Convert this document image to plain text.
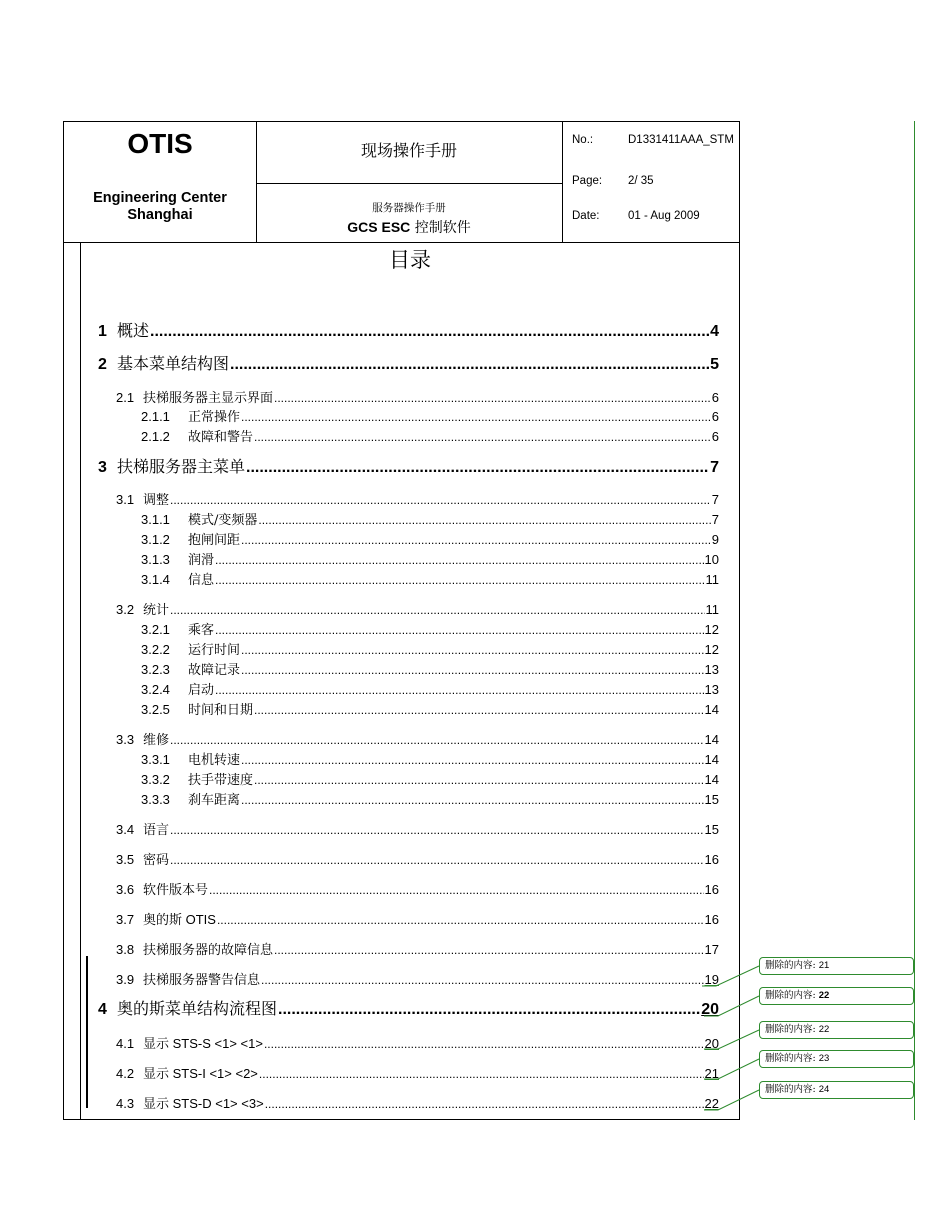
OTIS
Engineering Center
Shanghai
现场操作手册
服务器操作手册
GCS ESC 控制软件
No.:	D1331411AAA_STM
Page: 2/ 35
Date: 01 - Aug 2009
目录
1 概述 .....	4
2 基本菜单结构图 .....	5
2.1 扶梯服务器主显示界面 .....	6
2.1.1	正常操作 .....	6
2.1.2	故障和警告 .....	6
3 扶梯服务器主菜单 .....	7
3.1 调整 .....	7
3.1.1	模式/变频器 .....	7
3.1.2	抱闸间距 .....	9
3.1.3	润滑 .....	10
3.1.4	信息 .....	11
3.2 统计 .....	11
3.2.1	乘客 .....	12
3.2.2	运行时间 .....	12
3.2.3	故障记录 .....	13
3.2.4	启动 .....	13
3.2.5	时间和日期 .....	14
3.3 维修 .....	14
3.3.1	电机转速 .....	14
3.3.2	扶手带速度 .....	14
3.3.3	刹车距离 .....	15
3.4 语言 .....	15
3.5 密码 .....	16
3.6 软件版本号 .....	16
3.7 奥的斯 OTIS .....	16
3.8 扶梯服务器的故障信息 .....	17
3.9 扶梯服务器警告信息 .....	19
4 奥的斯菜单结构流程图 .....	20
4.1 显示 STS-S <1> <1> .....	20
4.2 显示 STS-I <1> <2> .....	21
4.3 显示 STS-D <1> <3> .....	22
删除的内容: 21
删除的内容: 22
删除的内容: 22
删除的内容: 23
删除的内容: 24
